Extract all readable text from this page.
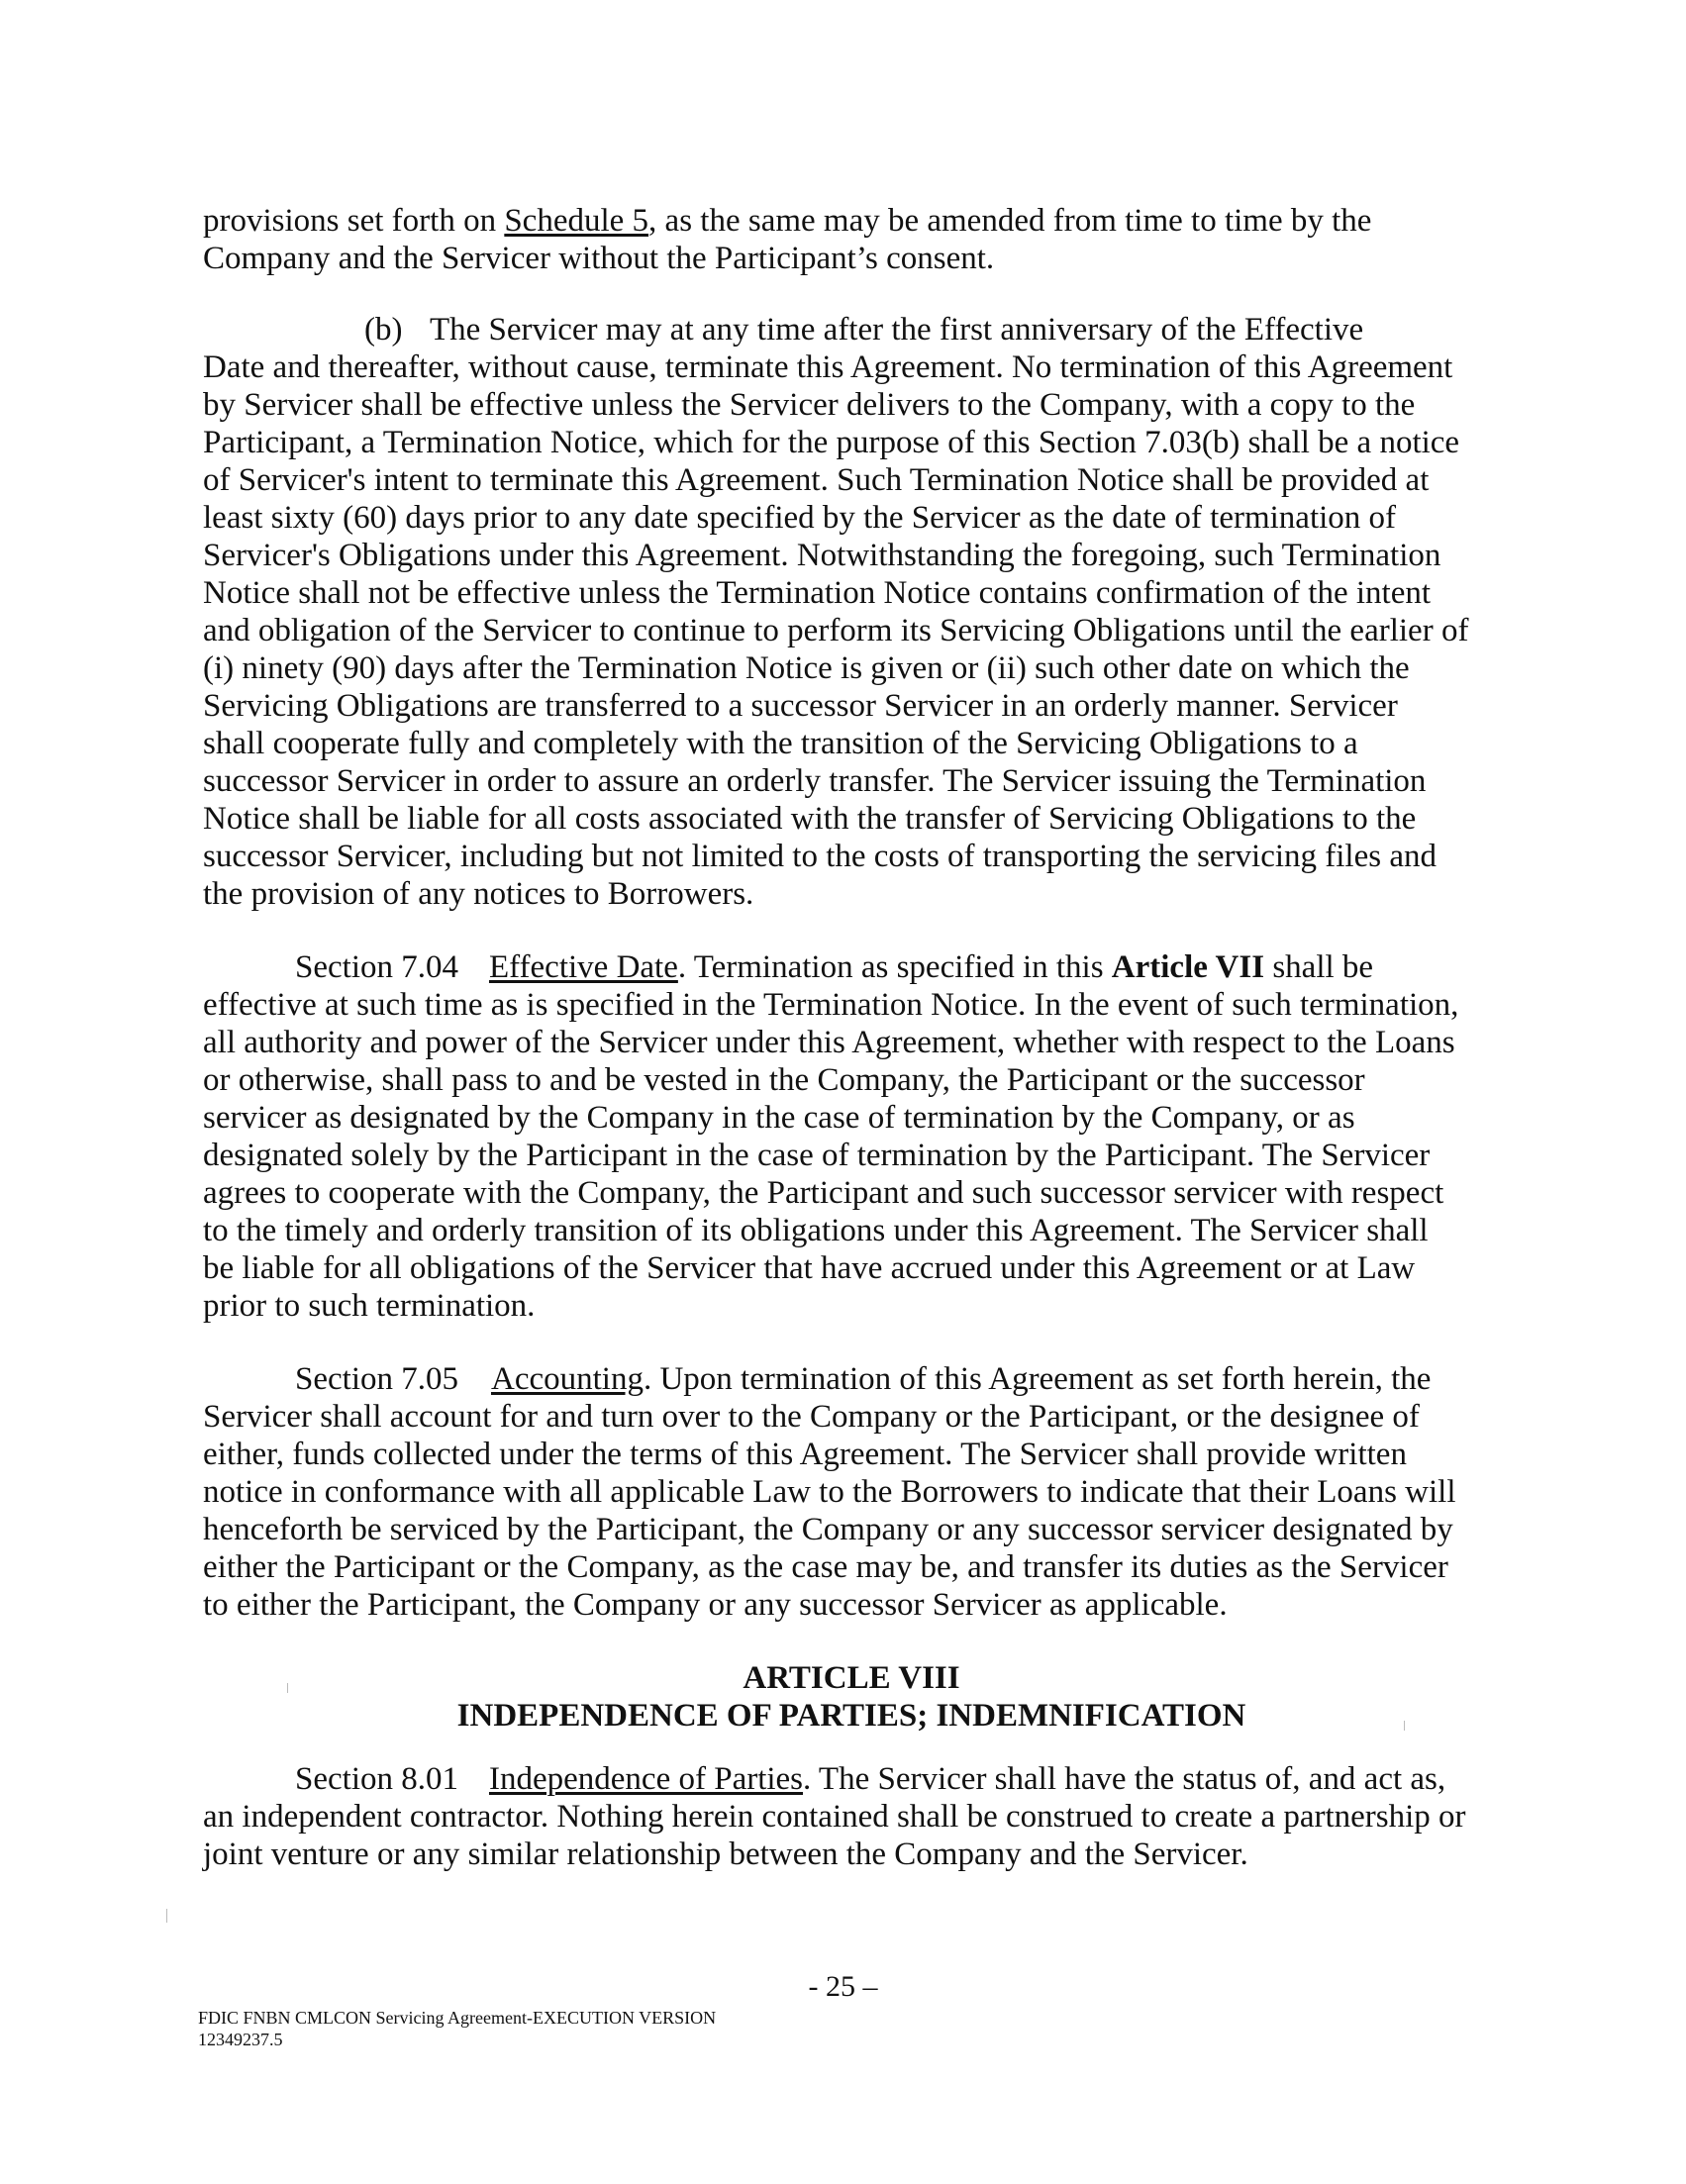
provisions set forth on Schedule 5, as the same may be amended from time to time by the
Company and the Servicer without the Participant’s consent.
(b) The Servicer may at any time after the first anniversary of the Effective
Date and thereafter, without cause, terminate this Agreement. No termination of this Agreement
by Servicer shall be effective unless the Servicer delivers to the Company, with a copy to the
Participant, a Termination Notice, which for the purpose of this Section 7.03(b) shall be a notice
of Servicer's intent to terminate this Agreement. Such Termination Notice shall be provided at
least sixty (60) days prior to any date specified by the Servicer as the date of termination of
Servicer's Obligations under this Agreement. Notwithstanding the foregoing, such Termination
Notice shall not be effective unless the Termination Notice contains confirmation of the intent
and obligation of the Servicer to continue to perform its Servicing Obligations until the earlier of
(i) ninety (90) days after the Termination Notice is given or (ii) such other date on which the
Servicing Obligations are transferred to a successor Servicer in an orderly manner. Servicer
shall cooperate fully and completely with the transition of the Servicing Obligations to a
successor Servicer in order to assure an orderly transfer. The Servicer issuing the Termination
Notice shall be liable for all costs associated with the transfer of Servicing Obligations to the
successor Servicer, including but not limited to the costs of transporting the servicing files and
the provision of any notices to Borrowers.
Section 7.04 Effective Date. Termination as specified in this Article VII shall be
effective at such time as is specified in the Termination Notice. In the event of such termination,
all authority and power of the Servicer under this Agreement, whether with respect to the Loans
or otherwise, shall pass to and be vested in the Company, the Participant or the successor
servicer as designated by the Company in the case of termination by the Company, or as
designated solely by the Participant in the case of termination by the Participant. The Servicer
agrees to cooperate with the Company, the Participant and such successor servicer with respect
to the timely and orderly transition of its obligations under this Agreement. The Servicer shall
be liable for all obligations of the Servicer that have accrued under this Agreement or at Law
prior to such termination.
Section 7.05 Accounting. Upon termination of this Agreement as set forth herein, the
Servicer shall account for and turn over to the Company or the Participant, or the designee of
either, funds collected under the terms of this Agreement. The Servicer shall provide written
notice in conformance with all applicable Law to the Borrowers to indicate that their Loans will
henceforth be serviced by the Participant, the Company or any successor servicer designated by
either the Participant or the Company, as the case may be, and transfer its duties as the Servicer
to either the Participant, the Company or any successor Servicer as applicable.
ARTICLE VIII
INDEPENDENCE OF PARTIES; INDEMNIFICATION
Section 8.01 Independence of Parties. The Servicer shall have the status of, and act as,
an independent contractor. Nothing herein contained shall be construed to create a partnership or
joint venture or any similar relationship between the Company and the Servicer.
- 25 –
FDIC FNBN CMLCON Servicing Agreement-EXECUTION VERSION
12349237.5
